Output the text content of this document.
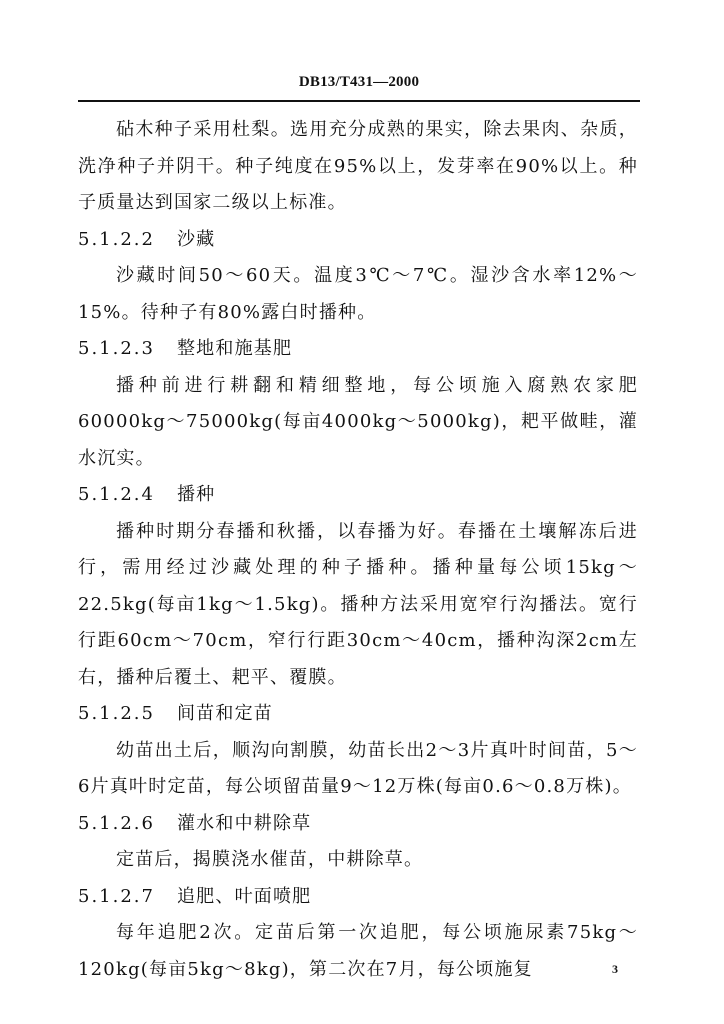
DB13/T431—2000

砧木种子采用杜梨。选用充分成熟的果实，除去果肉、杂质，洗净种子并阴干。种子纯度在95%以上，发芽率在90%以上。种子质量达到国家二级以上标准。

5.1.2.2 沙藏

沙藏时间50～60天。温度3℃～7℃。湿沙含水率12%～15%。待种子有80%露白时播种。

5.1.2.3 整地和施基肥

播种前进行耕翻和精细整地，每公顷施入腐熟农家肥60000kg～75000kg(每亩4000kg～5000kg)，耙平做畦，灌水沉实。

5.1.2.4 播种

播种时期分春播和秋播，以春播为好。春播在土壤解冻后进行，需用经过沙藏处理的种子播种。播种量每公顷15kg～22.5kg(每亩1kg～1.5kg)。播种方法采用宽窄行沟播法。宽行行距60cm～70cm，窄行行距30cm～40cm，播种沟深2cm左右，播种后覆土、耙平、覆膜。

5.1.2.5 间苗和定苗

幼苗出土后，顺沟向割膜，幼苗长出2～3片真叶时间苗，5～6片真叶时定苗，每公顷留苗量9～12万株(每亩0.6～0.8万株)。

5.1.2.6 灌水和中耕除草

定苗后，揭膜浇水催苗，中耕除草。

5.1.2.7 追肥、叶面喷肥

每年追肥2次。定苗后第一次追肥，每公顷施尿素75kg～120kg(每亩5kg～8kg)，第二次在7月，每公顷施复	3
